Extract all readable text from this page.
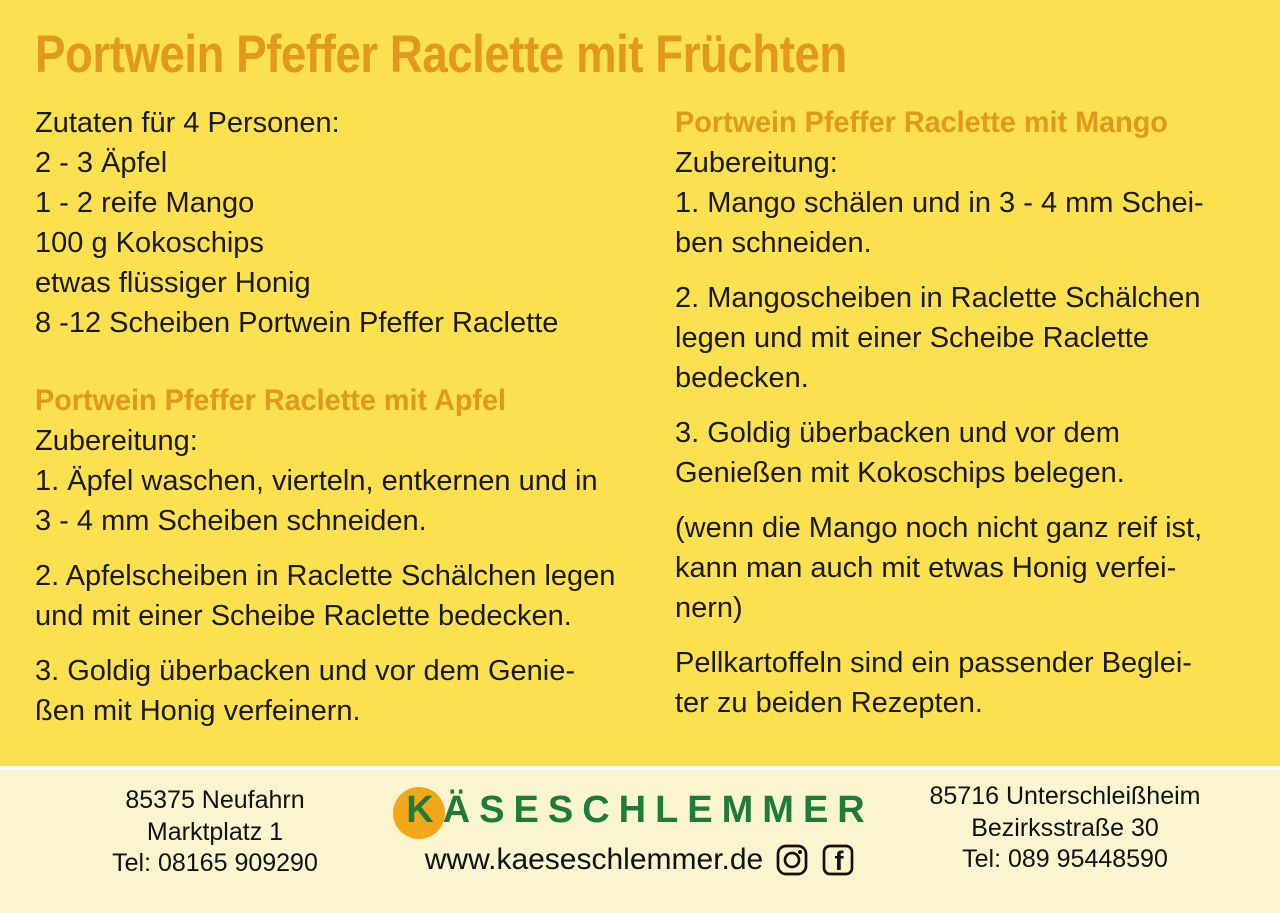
Portwein Pfeffer Raclette mit Früchten
Zutaten für 4 Personen:
2 - 3 Äpfel
1 - 2 reife Mango
100 g Kokoschips
etwas flüssiger Honig
8 -12 Scheiben Portwein Pfeffer Raclette
Portwein Pfeffer Raclette mit Apfel
Zubereitung:
1. Äpfel waschen, vierteln, entkernen und in
3 - 4 mm Scheiben schneiden.
2. Apfelscheiben in Raclette Schälchen legen
und mit einer Scheibe Raclette bedecken.
3. Goldig überbacken und vor dem Genie-
ßen mit Honig verfeinern.
Portwein Pfeffer Raclette mit Mango
Zubereitung:
1. Mango schälen und in 3 - 4 mm Schei-
ben schneiden.
2. Mangoscheiben in Raclette Schälchen
legen und mit einer Scheibe Raclette
bedecken.
3. Goldig überbacken und vor dem
Genießen mit Kokoschips belegen.
(wenn die Mango noch nicht ganz reif ist,
kann man auch mit etwas Honig verfei-
nern)
Pellkartoffeln sind ein passender Beglei-
ter zu beiden Rezepten.
85375 Neufahrn
Marktplatz 1
Tel: 08165 909290
KÄSESCHLEMMER
www.kaeseschlemmer.de	f
85716 Unterschleißheim
Bezirksstraße 30
Tel: 089 95448590
